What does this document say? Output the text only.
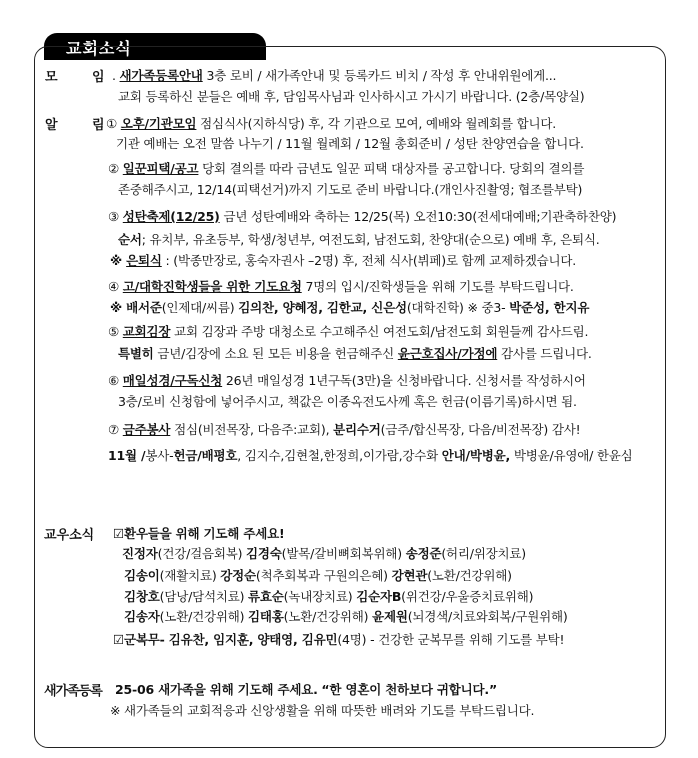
교회소식
모	임
알	림
교우소식
새가족등록
. 새가족등록안내 3층 로비 / 새가족안내 및 등록카드 비치 / 작성 후 안내위원에게...
교회 등록하신 분들은 예배 후, 담임목사님과 인사하시고 가시기 바랍니다. (2층/목양실)
① 오후/기관모임 점심식사(지하식당) 후, 각 기관으로 모여, 예배와 월례회를 합니다.
기관 예배는 오전 말씀 나누기 / 11월 월례회 / 12월 총회준비 / 성탄 찬양연습을 합니다.
② 일꾼피택/공고 당회 결의를 따라 금년도 일꾼 피택 대상자를 공고합니다. 당회의 결의를
존중해주시고, 12/14(피택선거)까지 기도로 준비 바랍니다.(개인사진촬영; 협조를부탁)
③ 성탄축제(12/25) 금년 성탄예배와 축하는 12/25(목) 오전10:30(전세대예배;기관축하찬양)
순서; 유치부, 유초등부, 학생/청년부, 여전도회, 남전도회, 찬양대(순으로) 예배 후, 은퇴식.
※ 은퇴식 : (박종만장로, 홍숙자권사 –2명) 후, 전체 식사(뷔페)로 함께 교제하겠습니다.
④ 고/대학진학생들을 위한 기도요청 7명의 입시/진학생들을 위해 기도를 부탁드립니다.
※ 배서준(인제대/씨름) 김의찬, 양혜정, 김한교, 신은성(대학진학) ※ 중3- 박준성, 한지유
⑤ 교회김장 교회 김장과 주방 대청소로 수고해주신 여전도회/남전도회 회원들께 감사드림.
특별히 금년/김장에 소요 된 모든 비용을 헌금해주신 윤근호집사/가정에 감사를 드립니다.
⑥ 매일성경/구독신청 26년 매일성경 1년구독(3만)을 신청바랍니다. 신청서를 작성하시어
3층/로비 신청함에 넣어주시고, 책값은 이종옥전도사께 혹은 헌금(이름기록)하시면 됨.
⑦ 금주봉사 점심(비전목장, 다음주:교회), 분리수거(금주/합신목장, 다음/비전목장) 감사!
11월 /봉사-헌금/배평호, 김지수,김현철,한정희,이가람,강수화 안내/박병윤, 박병윤/유영애/ 한윤심
☑환우들을 위해 기도해 주세요!
진정자(건강/걸음회복) 김경숙(발목/갈비뼈회복위해) 송정준(허리/위장치료)
김송이(재활치료) 강정순(척추회복과 구원의은혜) 강현관(노환/건강위해)
김창호(담낭/담석치료) 류효순(녹내장치료) 김순자B(위건강/우울증치료위해)
김송자(노환/건강위해) 김태홍(노환/건강위해) 윤제원(뇌경색/치료와회복/구원위해)
☑군복무- 김유찬, 임지훈, 양태영, 김유민(4명) - 건강한 군복무를 위해 기도를 부탁!
25-06 새가족을 위해 기도해 주세요. “한 영혼이 천하보다 귀합니다.”
※ 새가족들의 교회적응과 신앙생활을 위해 따뜻한 배려와 기도를 부탁드립니다.
